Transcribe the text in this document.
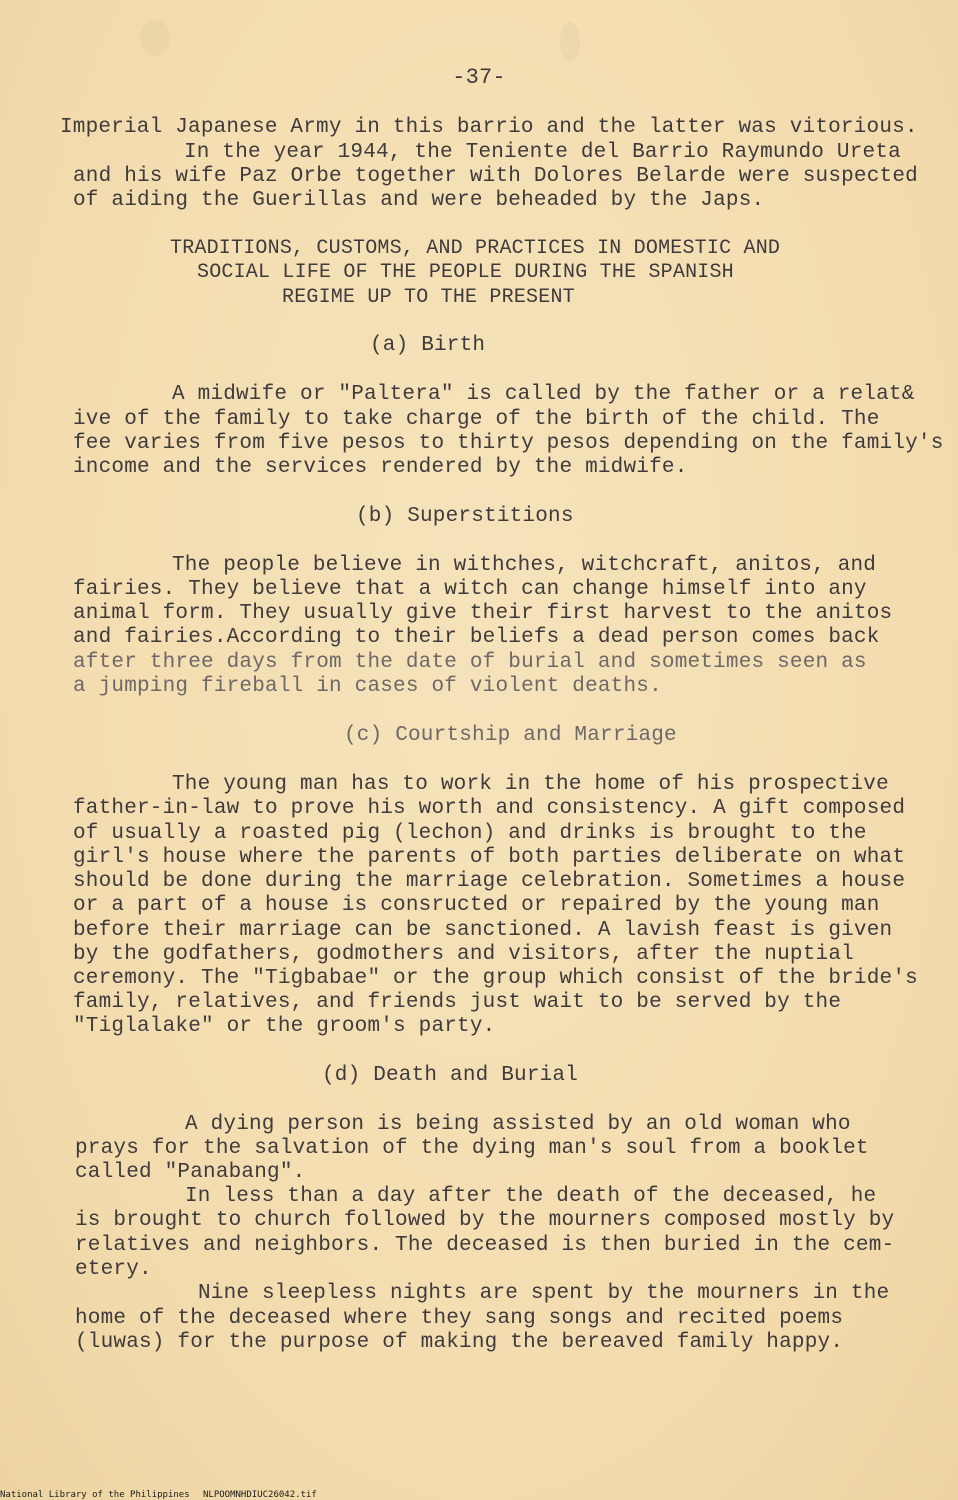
-37-
Imperial Japanese Army in this barrio and the latter was vitorious.
In the year 1944, the Teniente del Barrio Raymundo Ureta
and his wife Paz Orbe together with Dolores Belarde were suspected
of aiding the Guerillas and were beheaded by the Japs.
TRADITIONS, CUSTOMS, AND PRACTICES IN DOMESTIC AND
SOCIAL LIFE OF THE PEOPLE DURING THE SPANISH
REGIME UP TO THE PRESENT
(a) Birth
A midwife or "Paltera" is called by the father or a relat&
ive of the family to take charge of the birth of the child. The
fee varies from five pesos to thirty pesos depending on the family's
income and the services rendered by the midwife.
(b) Superstitions
The people believe in withches, witchcraft, anitos, and
fairies. They believe that a witch can change himself into any
animal form. They usually give their first harvest to the anitos
and fairies.According to their beliefs a dead person comes back
after three days from the date of burial and sometimes seen as
a jumping fireball in cases of violent deaths.
(c) Courtship and Marriage
The young man has to work in the home of his prospective
father-in-law to prove his worth and consistency. A gift composed
of usually a roasted pig (lechon) and drinks is brought to the
girl's house where the parents of both parties deliberate on what
should be done during the marriage celebration. Sometimes a house
or a part of a house is consructed or repaired by the young man
before their marriage can be sanctioned. A lavish feast is given
by the godfathers, godmothers and visitors, after the nuptial
ceremony. The "Tigbabae" or the group which consist of the bride's
family, relatives, and friends just wait to be served by the
"Tiglalake" or the groom's party.
(d) Death and Burial
A dying person is being assisted by an old woman who
prays for the salvation of the dying man's soul from a booklet
called "Panabang".
In less than a day after the death of the deceased, he
is brought to church followed by the mourners composed mostly by
relatives and neighbors. The deceased is then buried in the cem-
etery.
Nine sleepless nights are spent by the mourners in the
home of the deceased where they sang songs and recited poems
(luwas) for the purpose of making the bereaved family happy.
National Library of the Philippines NLPOOMNHDIUC26042.tif
